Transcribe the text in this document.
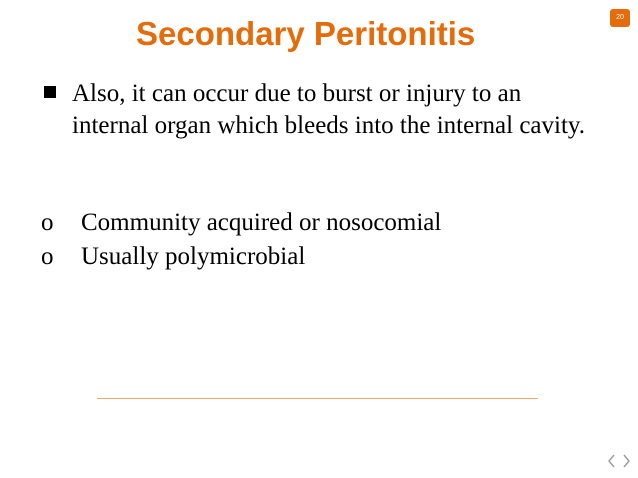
Secondary Peritonitis	20
Also, it can occur due to burst or injury to an internal organ which bleeds into the internal cavity.
o Community acquired or nosocomial
o Usually polymicrobial
